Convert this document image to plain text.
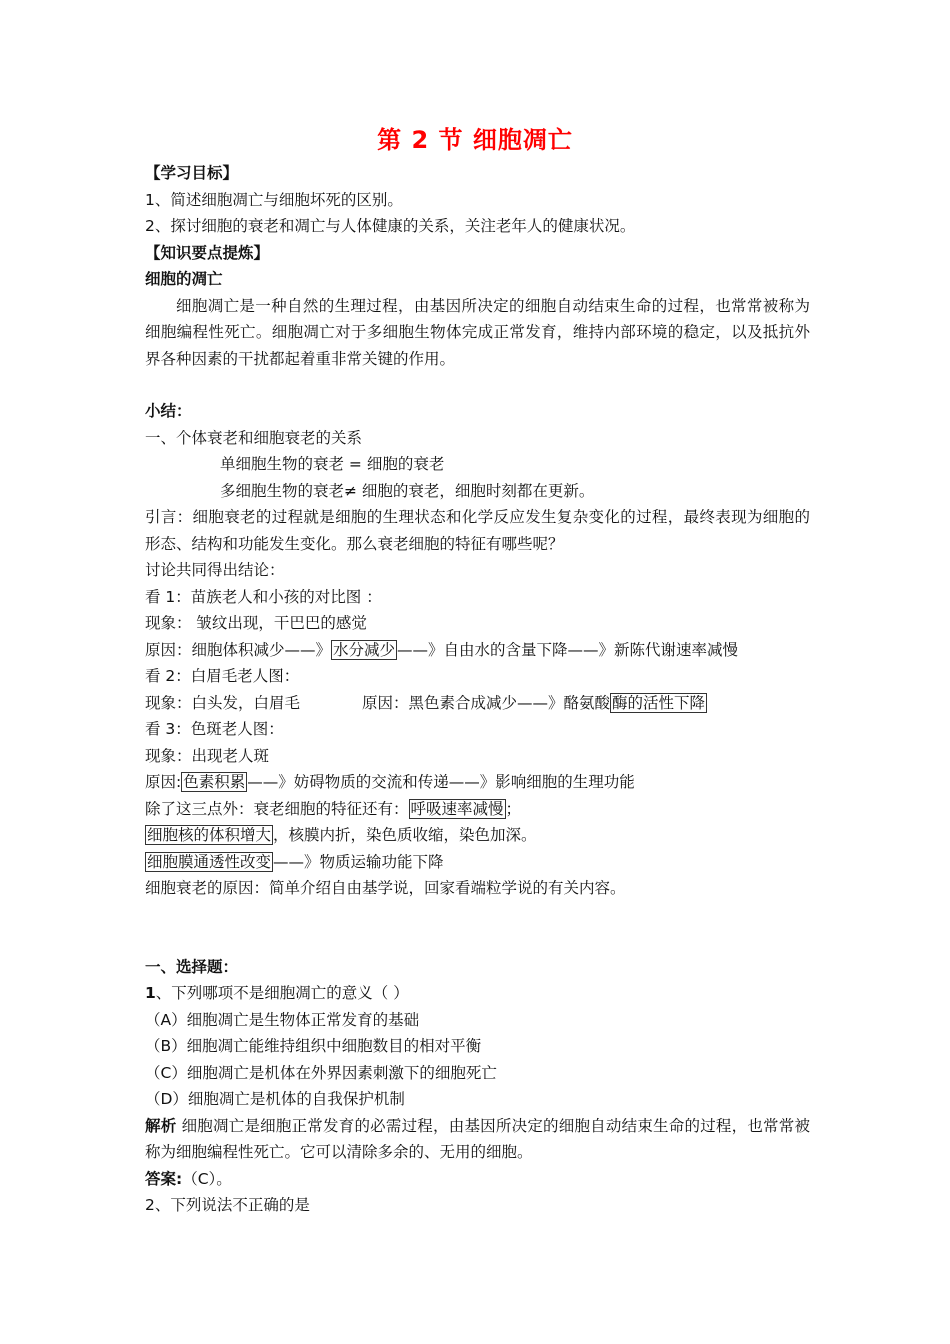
第 2 节 细胞凋亡
【学习目标】
1、简述细胞凋亡与细胞坏死的区别。
2、探讨细胞的衰老和凋亡与人体健康的关系，关注老年人的健康状况。
【知识要点提炼】
细胞的凋亡
细胞凋亡是一种自然的生理过程，由基因所决定的细胞自动结束生命的过程，也常常被称为细胞编程性死亡。细胞凋亡对于多细胞生物体完成正常发育，维持内部环境的稳定，以及抵抗外界各种因素的干扰都起着重非常关键的作用。
小结：
一、个体衰老和细胞衰老的关系
单细胞生物的衰老 = 细胞的衰老
多细胞生物的衰老≠ 细胞的衰老，细胞时刻都在更新。
引言：细胞衰老的过程就是细胞的生理状态和化学反应发生复杂变化的过程，最终表现为细胞的形态、结构和功能发生变化。那么衰老细胞的特征有哪些呢？
讨论共同得出结论：
看 1：苗族老人和小孩的对比图 ：
现象： 皱纹出现，干巴巴的感觉
原因：细胞体积减少——》 水分减少 ——》自由水的含量下降——》新陈代谢速率减慢
看 2：白眉毛老人图：
现象：白头发，白眉毛	原因：黑色素合成减少——》酪氨酸 酶的活性下降
看 3：色斑老人图：
现象：出现老人斑
原因: 色素积累 ——》妨碍物质的交流和传递——》影响细胞的生理功能
除了这三点外：衰老细胞的特征还有： 呼吸速率减慢 ；
细胞核的体积增大 ，核膜内折，染色质收缩，染色加深。
细胞膜通透性改变 ——》物质运输功能下降
细胞衰老的原因：简单介绍自由基学说，回家看端粒学说的有关内容。
一、选择题：
1、下列哪项不是细胞凋亡的意义（ ）
（A）细胞凋亡是生物体正常发育的基础
（B）细胞凋亡能维持组织中细胞数目的相对平衡
（C）细胞凋亡是机体在外界因素刺激下的细胞死亡
（D）细胞凋亡是机体的自我保护机制
解析 细胞凋亡是细胞正常发育的必需过程，由基因所决定的细胞自动结束生命的过程，也常常被称为细胞编程性死亡。它可以清除多余的、无用的细胞。
答案:（C）。
2、下列说法不正确的是
